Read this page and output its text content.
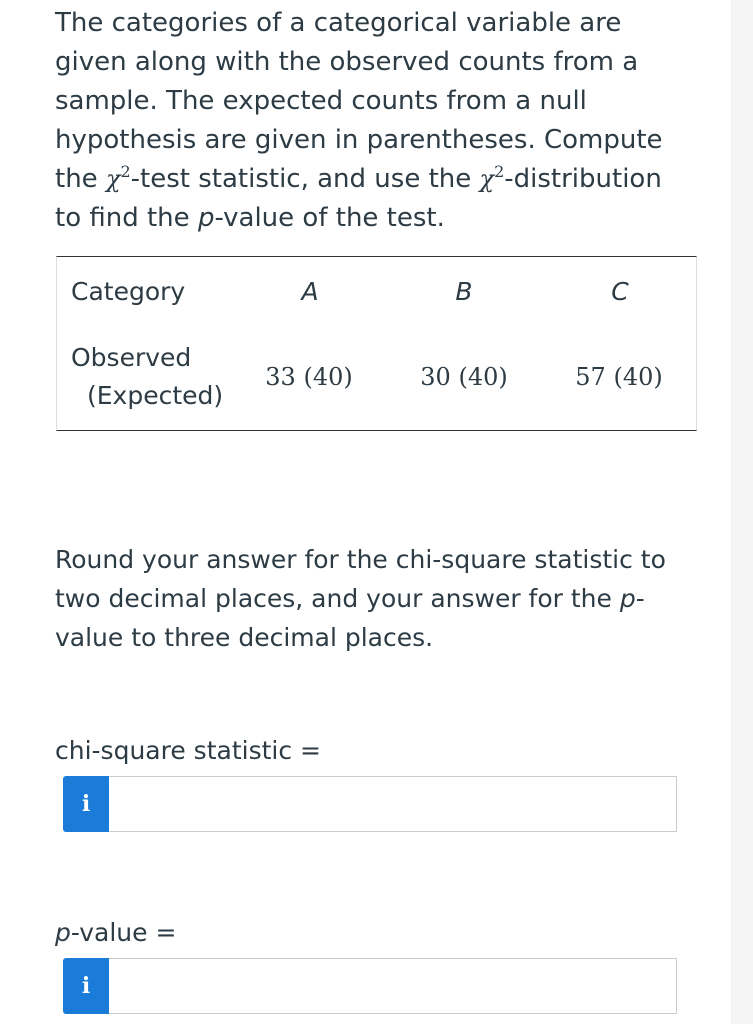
The categories of a categorical variable are given along with the observed counts from a sample. The expected counts from a null hypothesis are given in parentheses. Compute the $\chi^2$-test statistic, and use the $\chi^2$-distribution to find the p-value of the test.
Category	A	B	C
Observed
(Expected)
33 (40)	30 (40)	57 (40)
Round your answer for the chi-square statistic to two decimal places, and your answer for the p-value to three decimal places.
chi-square statistic =
i
p-value =
i
